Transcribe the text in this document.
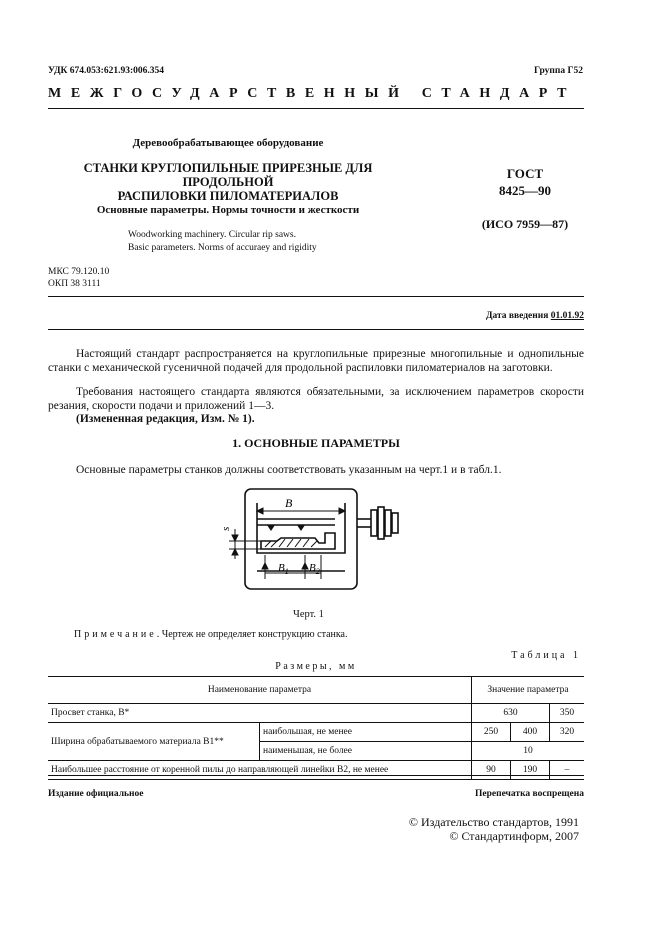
УДК 674.053:621.93:006.354	Группа Г52
МЕЖГОСУДАРСТВЕННЫЙ СТАНДАРТ
Деревообрабатывающее оборудование
СТАНКИ КРУГЛОПИЛЬНЫЕ ПРИРЕЗНЫЕ ДЛЯ ПРОДОЛЬНОЙ
РАСПИЛОВКИ ПИЛОМАТЕРИАЛОВ
Основные параметры. Нормы точности и жесткости
Woodworking machinery. Circular rip saws.
Basic parameters. Norms of accuraey and rigidity
ГОСТ
8425—90
(ИСО 7959—87)
МКС 79.120.10
ОКП 38 3111
Дата введения 01.01.92
Настоящий стандарт распространяется на круглопильные прирезные многопильные и однопильные станки с механической гусеничной подачей для продольной распиловки пиломатериалов на заготовки.
Требования настоящего стандарта являются обязательными, за исключением параметров скорости резания, скорости подачи и приложений 1—3.
(Измененная редакция, Изм. № 1).
1. ОСНОВНЫЕ ПАРАМЕТРЫ
Основные параметры станков должны соответствовать указанным на черт.1 и в табл.1.
B
$B_1$ $B_2$
s
Черт. 1
Примечание. Чертеж не определяет конструкцию станка.
Таблица 1
Размеры, мм
Наименование параметра		Значение параметра		
Просвет станка, B*		630		350
Ширина обрабатываемого материала B1**	наибольшая, не менее	250	400	320
	наименьшая, не более	10		
Наибольшее расстояние от коренной пилы до направляющей линейки B2, не менее		90	190	–
Издание официальное	Перепечатка воспрещена
© Издательство стандартов, 1991
© Стандартинформ, 2007
